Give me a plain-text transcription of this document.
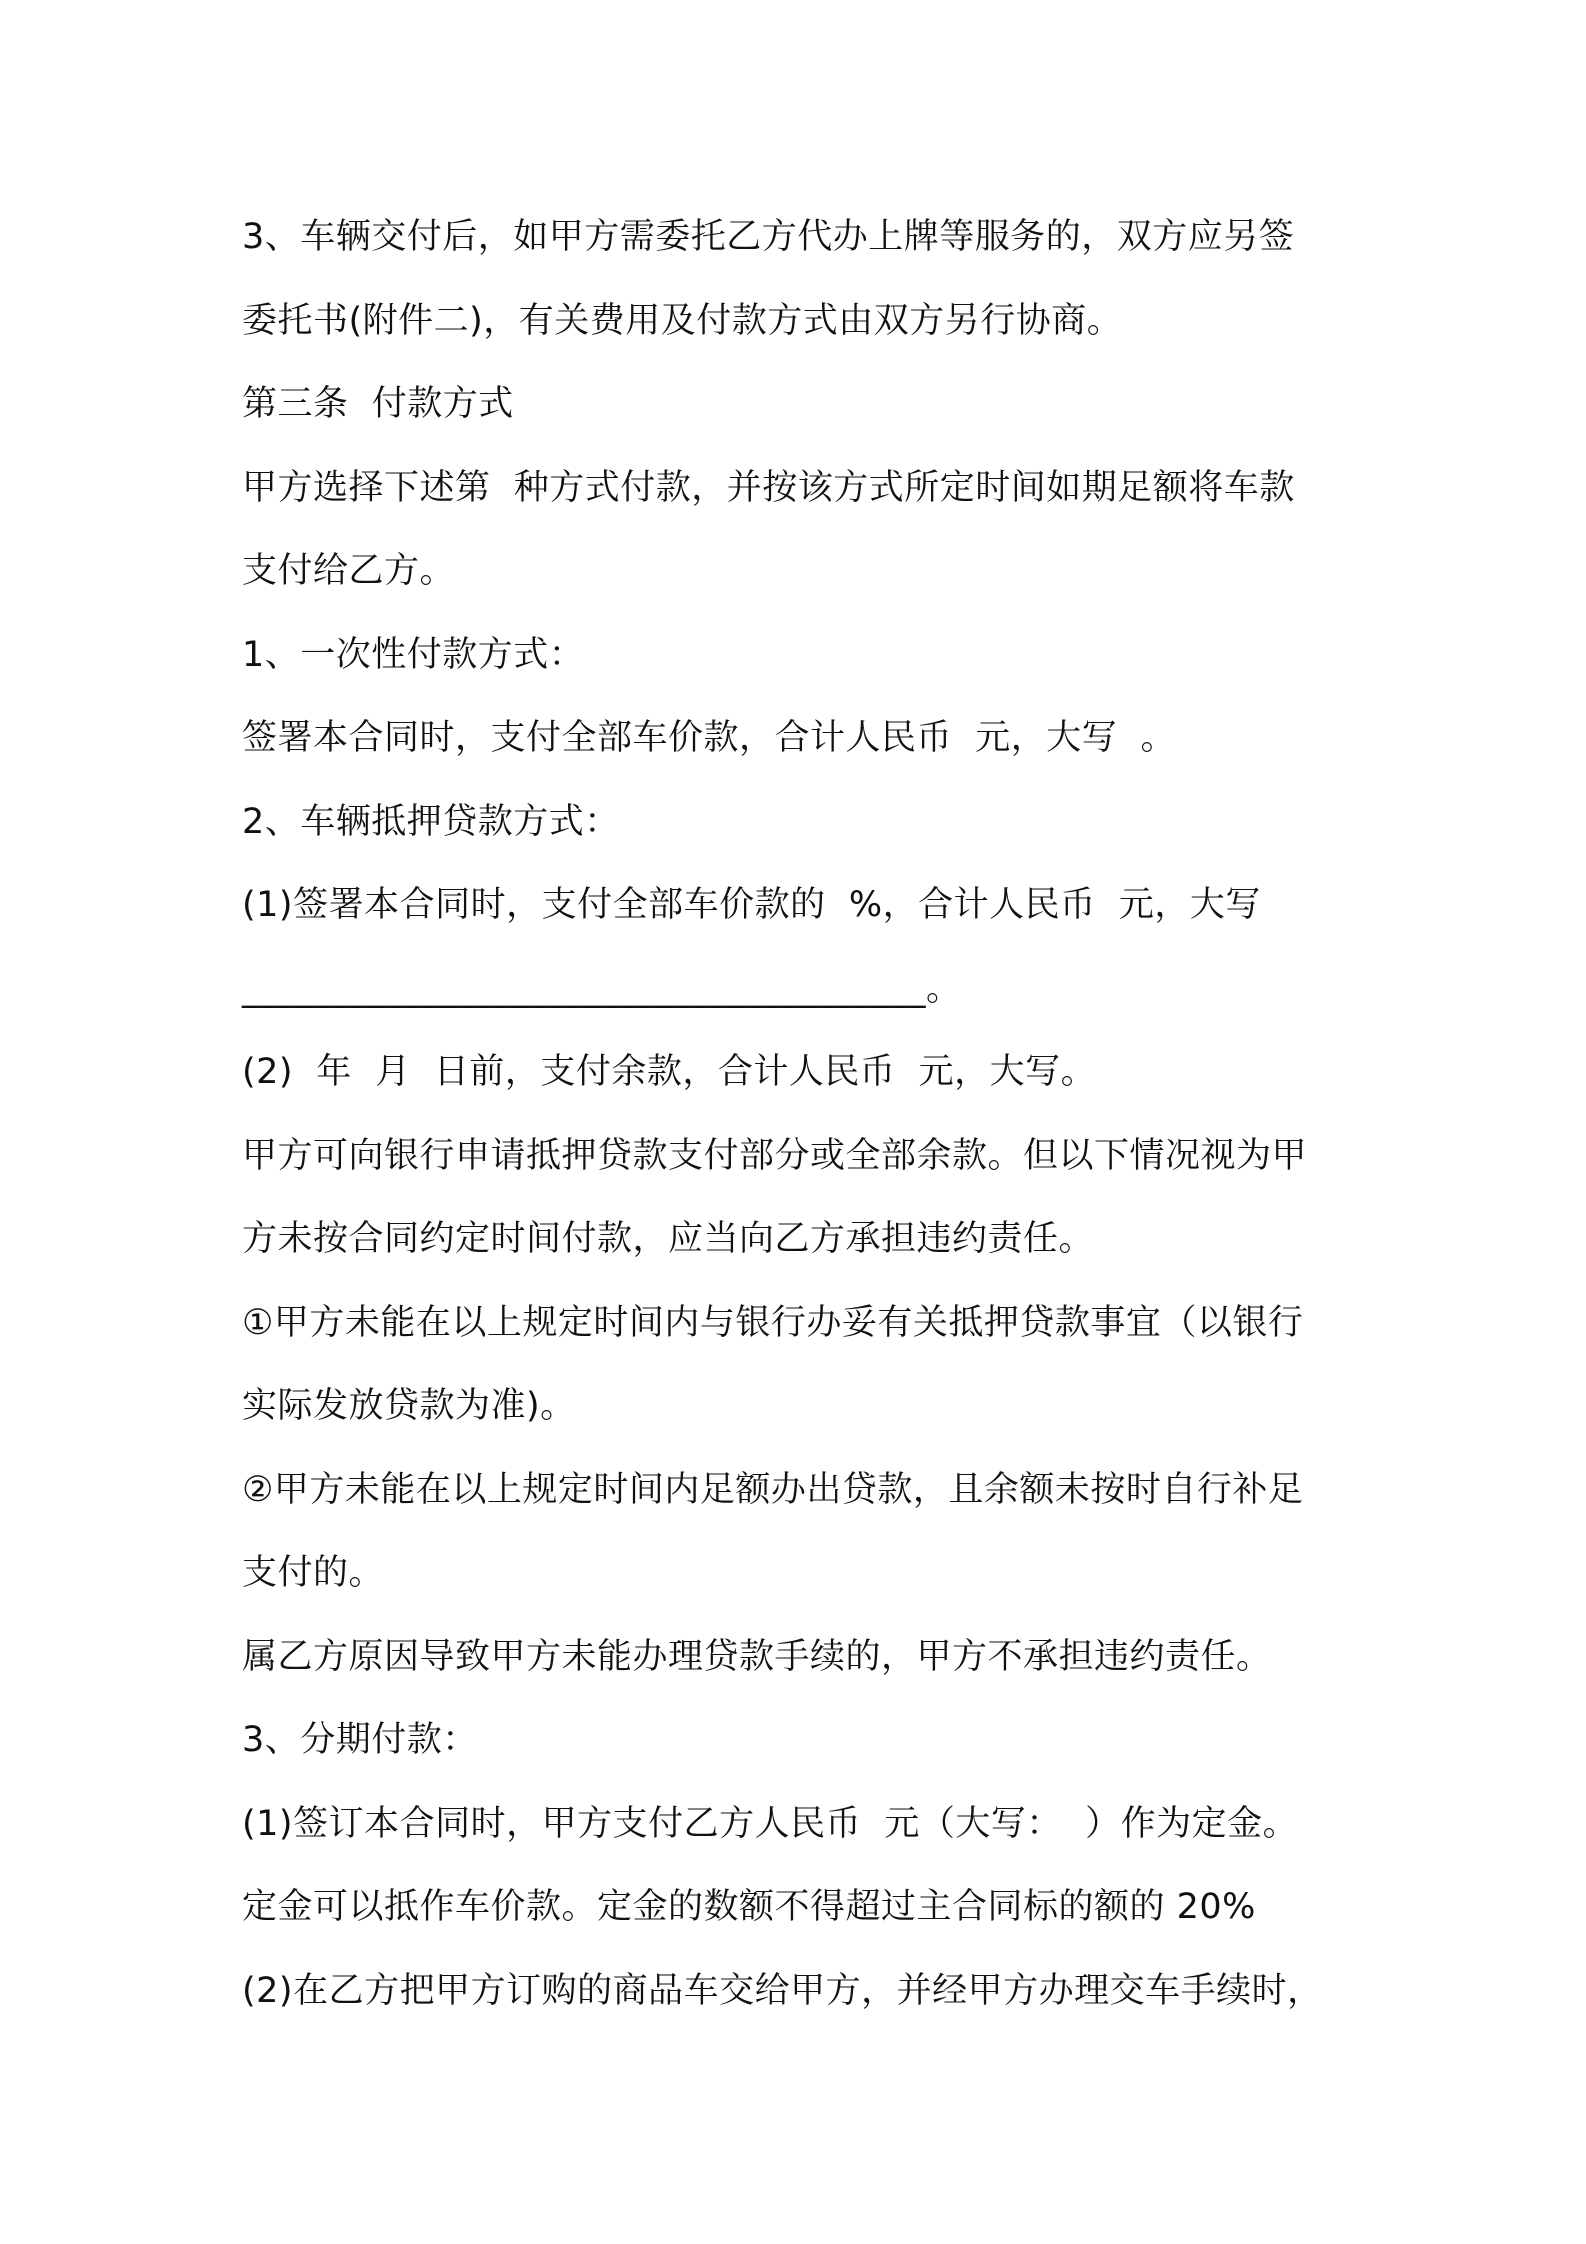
3、车辆交付后，如甲方需委托乙方代办上牌等服务的，双方应另签
委托书(附件二)，有关费用及付款方式由双方另行协商。
第三条  付款方式
甲方选择下述第  种方式付款，并按该方式所定时间如期足额将车款
支付给乙方。
1、一次性付款方式：
签署本合同时，支付全部车价款，合计人民币  元，大写  。
2、车辆抵押贷款方式：
(1)签署本合同时，支付全部车价款的  %，合计人民币  元，大写
______________________________________。
(2)  年  月  日前，支付余款，合计人民币  元，大写。
甲方可向银行申请抵押贷款支付部分或全部余款。但以下情况视为甲
方未按合同约定时间付款，应当向乙方承担违约责任。
①甲方未能在以上规定时间内与银行办妥有关抵押贷款事宜（以银行
实际发放贷款为准)。
②甲方未能在以上规定时间内足额办出贷款，且余额未按时自行补足
支付的。
属乙方原因导致甲方未能办理贷款手续的，甲方不承担违约责任。
3、分期付款：
(1)签订本合同时，甲方支付乙方人民币  元（大写：  ）作为定金。
定金可以抵作车价款。定金的数额不得超过主合同标的额的 20%
(2)在乙方把甲方订购的商品车交给甲方，并经甲方办理交车手续时，
